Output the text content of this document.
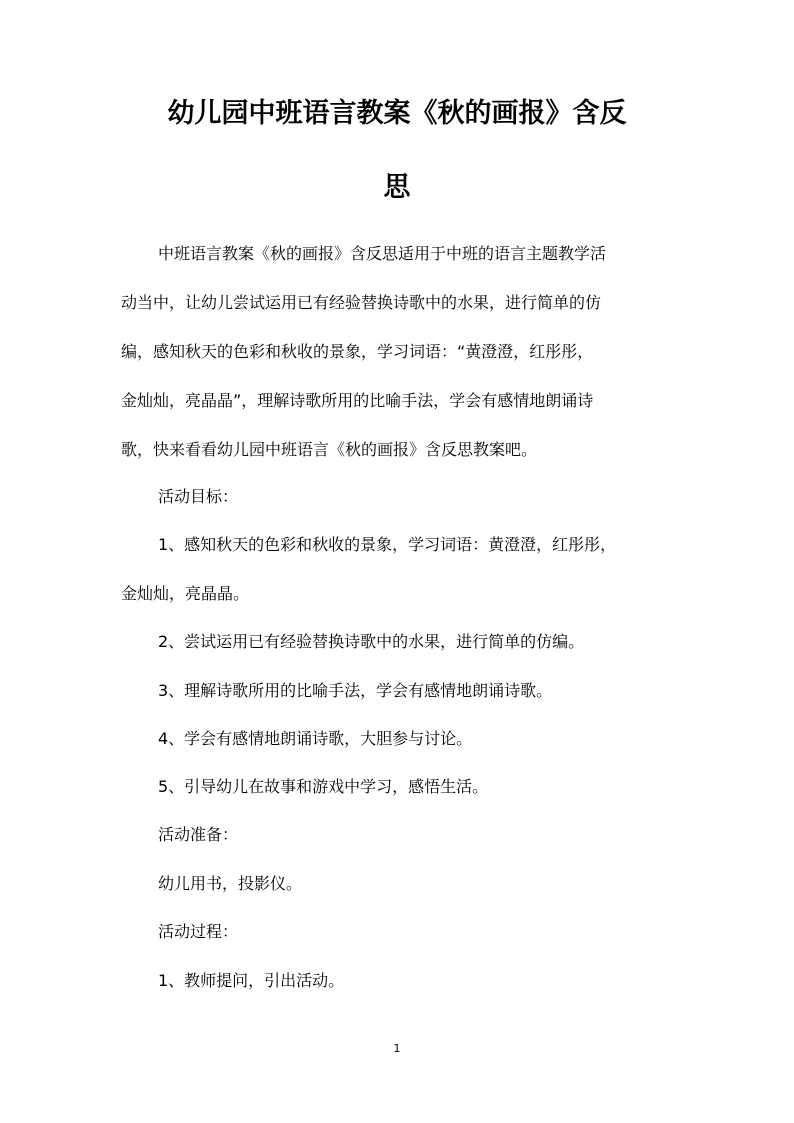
幼儿园中班语言教案《秋的画报》含反
思

中班语言教案《秋的画报》含反思适用于中班的语言主题教学活

动当中，让幼儿尝试运用已有经验替换诗歌中的水果，进行简单的仿

编，感知秋天的色彩和秋收的景象，学习词语：“黄澄澄，红彤彤，

金灿灿，亮晶晶”，理解诗歌所用的比喻手法，学会有感情地朗诵诗

歌，快来看看幼儿园中班语言《秋的画报》含反思教案吧。

活动目标：

1、感知秋天的色彩和秋收的景象，学习词语：黄澄澄，红彤彤，

金灿灿，亮晶晶。

2、尝试运用已有经验替换诗歌中的水果，进行简单的仿编。

3、理解诗歌所用的比喻手法，学会有感情地朗诵诗歌。

4、学会有感情地朗诵诗歌，大胆参与讨论。

5、引导幼儿在故事和游戏中学习，感悟生活。

活动准备：

幼儿用书，投影仪。

活动过程：

1、教师提问，引出活动。

1
